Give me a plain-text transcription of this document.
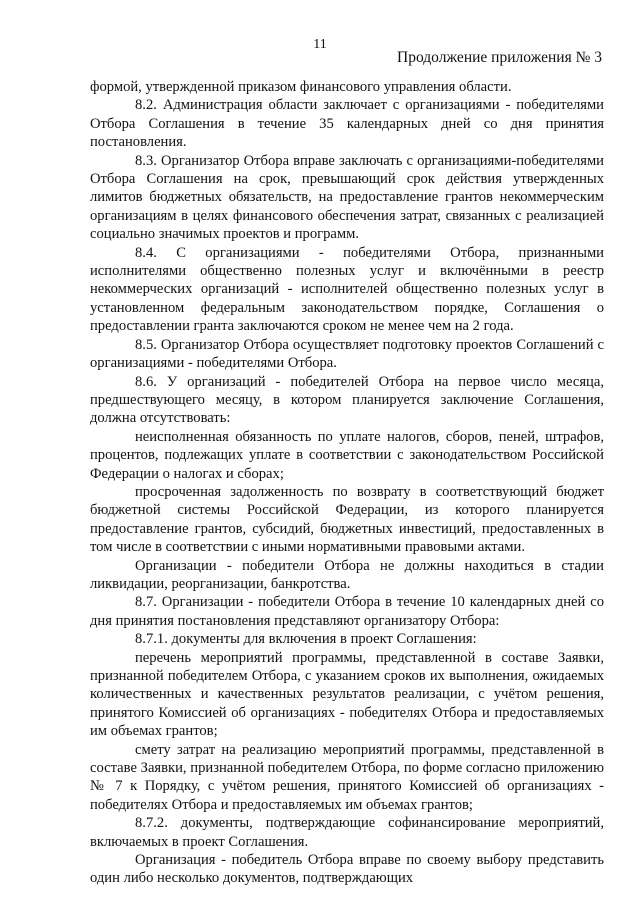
11
Продолжение приложения № 3

формой, утвержденной приказом финансового управления области.

8.2. Администрация области заключает с организациями - победителями Отбора Соглашения в течение 35 календарных дней со дня принятия постановления.

8.3. Организатор Отбора вправе заключать с организациями-победителями Отбора Соглашения на срок, превышающий срок действия утвержденных лимитов бюджетных обязательств, на предоставление грантов некоммерческим организациям в целях финансового обеспечения затрат, связанных с реализацией социально значимых проектов и программ.

8.4. С организациями - победителями Отбора, признанными исполнителями общественно полезных услуг и включёнными в реестр некоммерческих организаций - исполнителей общественно полезных услуг в установленном федеральным законодательством порядке, Соглашения о предоставлении гранта заключаются сроком не менее чем на 2 года.

8.5. Организатор Отбора осуществляет подготовку проектов Соглашений с организациями - победителями Отбора.

8.6. У организаций - победителей Отбора на первое число месяца, предшествующего месяцу, в котором планируется заключение Соглашения, должна отсутствовать:

неисполненная обязанность по уплате налогов, сборов, пеней, штрафов, процентов, подлежащих уплате в соответствии с законодательством Российской Федерации о налогах и сборах;

просроченная задолженность по возврату в соответствующий бюджет бюджетной системы Российской Федерации, из которого планируется предоставление грантов, субсидий, бюджетных инвестиций, предоставленных в том числе в соответствии с иными нормативными правовыми актами.

Организации - победители Отбора не должны находиться в стадии ликвидации, реорганизации, банкротства.

8.7. Организации - победители Отбора в течение 10 календарных дней со дня принятия постановления представляют организатору Отбора:

8.7.1. документы для включения в проект Соглашения:

перечень мероприятий программы, представленной в составе Заявки, признанной победителем Отбора, с указанием сроков их выполнения, ожидаемых количественных и качественных результатов реализации, с учётом решения, принятого Комиссией об организациях - победителях Отбора и предоставляемых им объемах грантов;

смету затрат на реализацию мероприятий программы, представленной в составе Заявки, признанной победителем Отбора, по форме согласно приложению № 7 к Порядку, с учётом решения, принятого Комиссией об организациях - победителях Отбора и предоставляемых им объемах грантов;

8.7.2. документы, подтверждающие софинансирование мероприятий, включаемых в проект Соглашения.

Организация - победитель Отбора вправе по своему выбору представить один либо несколько документов, подтверждающих
